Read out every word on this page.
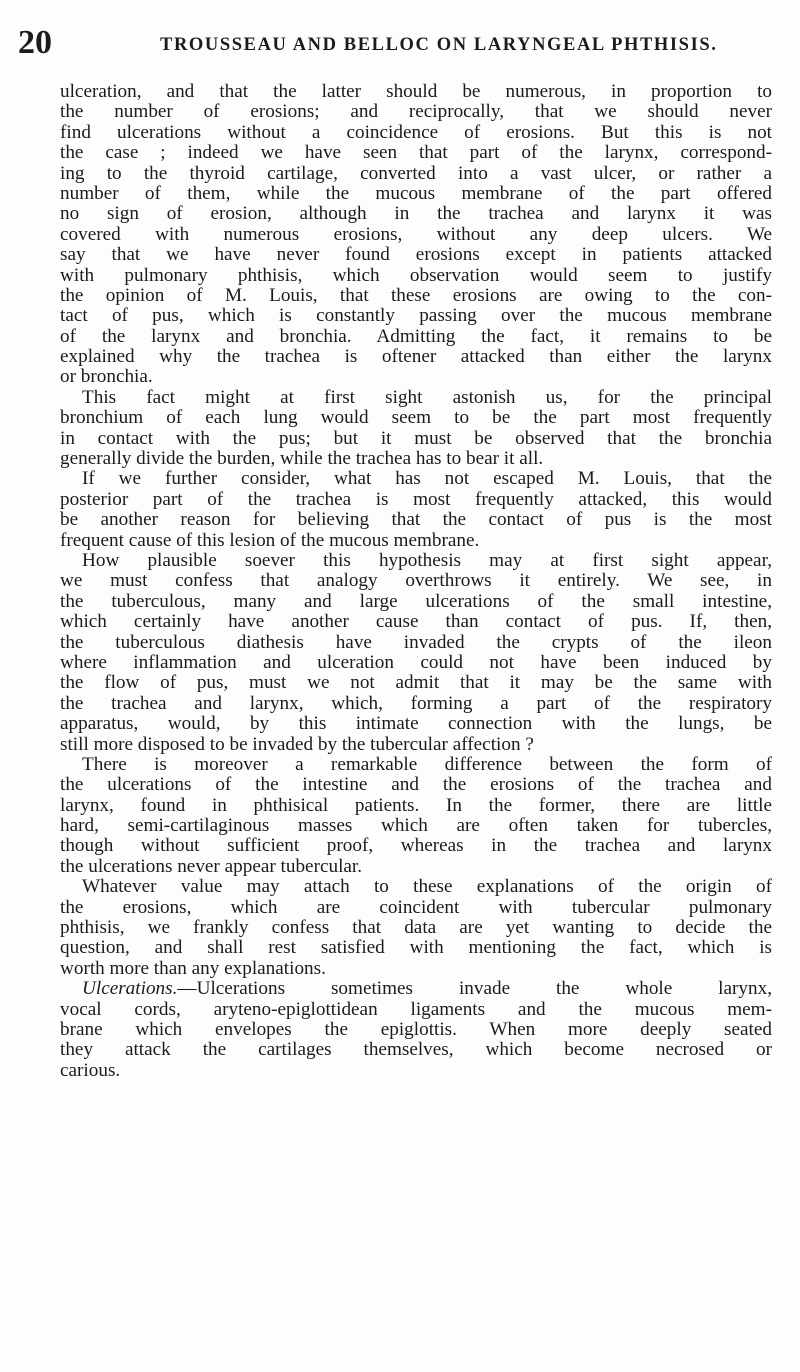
20	TROUSSEAU AND BELLOC ON LARYNGEAL PHTHISIS.
ulceration, and that the latter should be numerous, in proportion to
the number of erosions; and reciprocally, that we should never
find ulcerations without a coincidence of erosions. But this is not
the case ; indeed we have seen that part of the larynx, correspond-
ing to the thyroid cartilage, converted into a vast ulcer, or rather a
number of them, while the mucous membrane of the part offered
no sign of erosion, although in the trachea and larynx it was
covered with numerous erosions, without any deep ulcers. We
say that we have never found erosions except in patients attacked
with pulmonary phthisis, which observation would seem to justify
the opinion of M. Louis, that these erosions are owing to the con-
tact of pus, which is constantly passing over the mucous membrane
of the larynx and bronchia. Admitting the fact, it remains to be
explained why the trachea is oftener attacked than either the larynx
or bronchia.
This fact might at first sight astonish us, for the principal
bronchium of each lung would seem to be the part most frequently
in contact with the pus; but it must be observed that the bronchia
generally divide the burden, while the trachea has to bear it all.
If we further consider, what has not escaped M. Louis, that the
posterior part of the trachea is most frequently attacked, this would
be another reason for believing that the contact of pus is the most
frequent cause of this lesion of the mucous membrane.
How plausible soever this hypothesis may at first sight appear,
we must confess that analogy overthrows it entirely. We see, in
the tuberculous, many and large ulcerations of the small intestine,
which certainly have another cause than contact of pus. If, then,
the tuberculous diathesis have invaded the crypts of the ileon
where inflammation and ulceration could not have been induced by
the flow of pus, must we not admit that it may be the same with
the trachea and larynx, which, forming a part of the respiratory
apparatus, would, by this intimate connection with the lungs, be
still more disposed to be invaded by the tubercular affection ?
There is moreover a remarkable difference between the form of
the ulcerations of the intestine and the erosions of the trachea and
larynx, found in phthisical patients. In the former, there are little
hard, semi-cartilaginous masses which are often taken for tubercles,
though without sufficient proof, whereas in the trachea and larynx
the ulcerations never appear tubercular.
Whatever value may attach to these explanations of the origin of
the erosions, which are coincident with tubercular pulmonary
phthisis, we frankly confess that data are yet wanting to decide the
question, and shall rest satisfied with mentioning the fact, which is
worth more than any explanations.
Ulcerations.—Ulcerations sometimes invade the whole larynx,
vocal cords, aryteno-epiglottidean ligaments and the mucous mem-
brane which envelopes the epiglottis. When more deeply seated
they attack the cartilages themselves, which become necrosed or
carious.
